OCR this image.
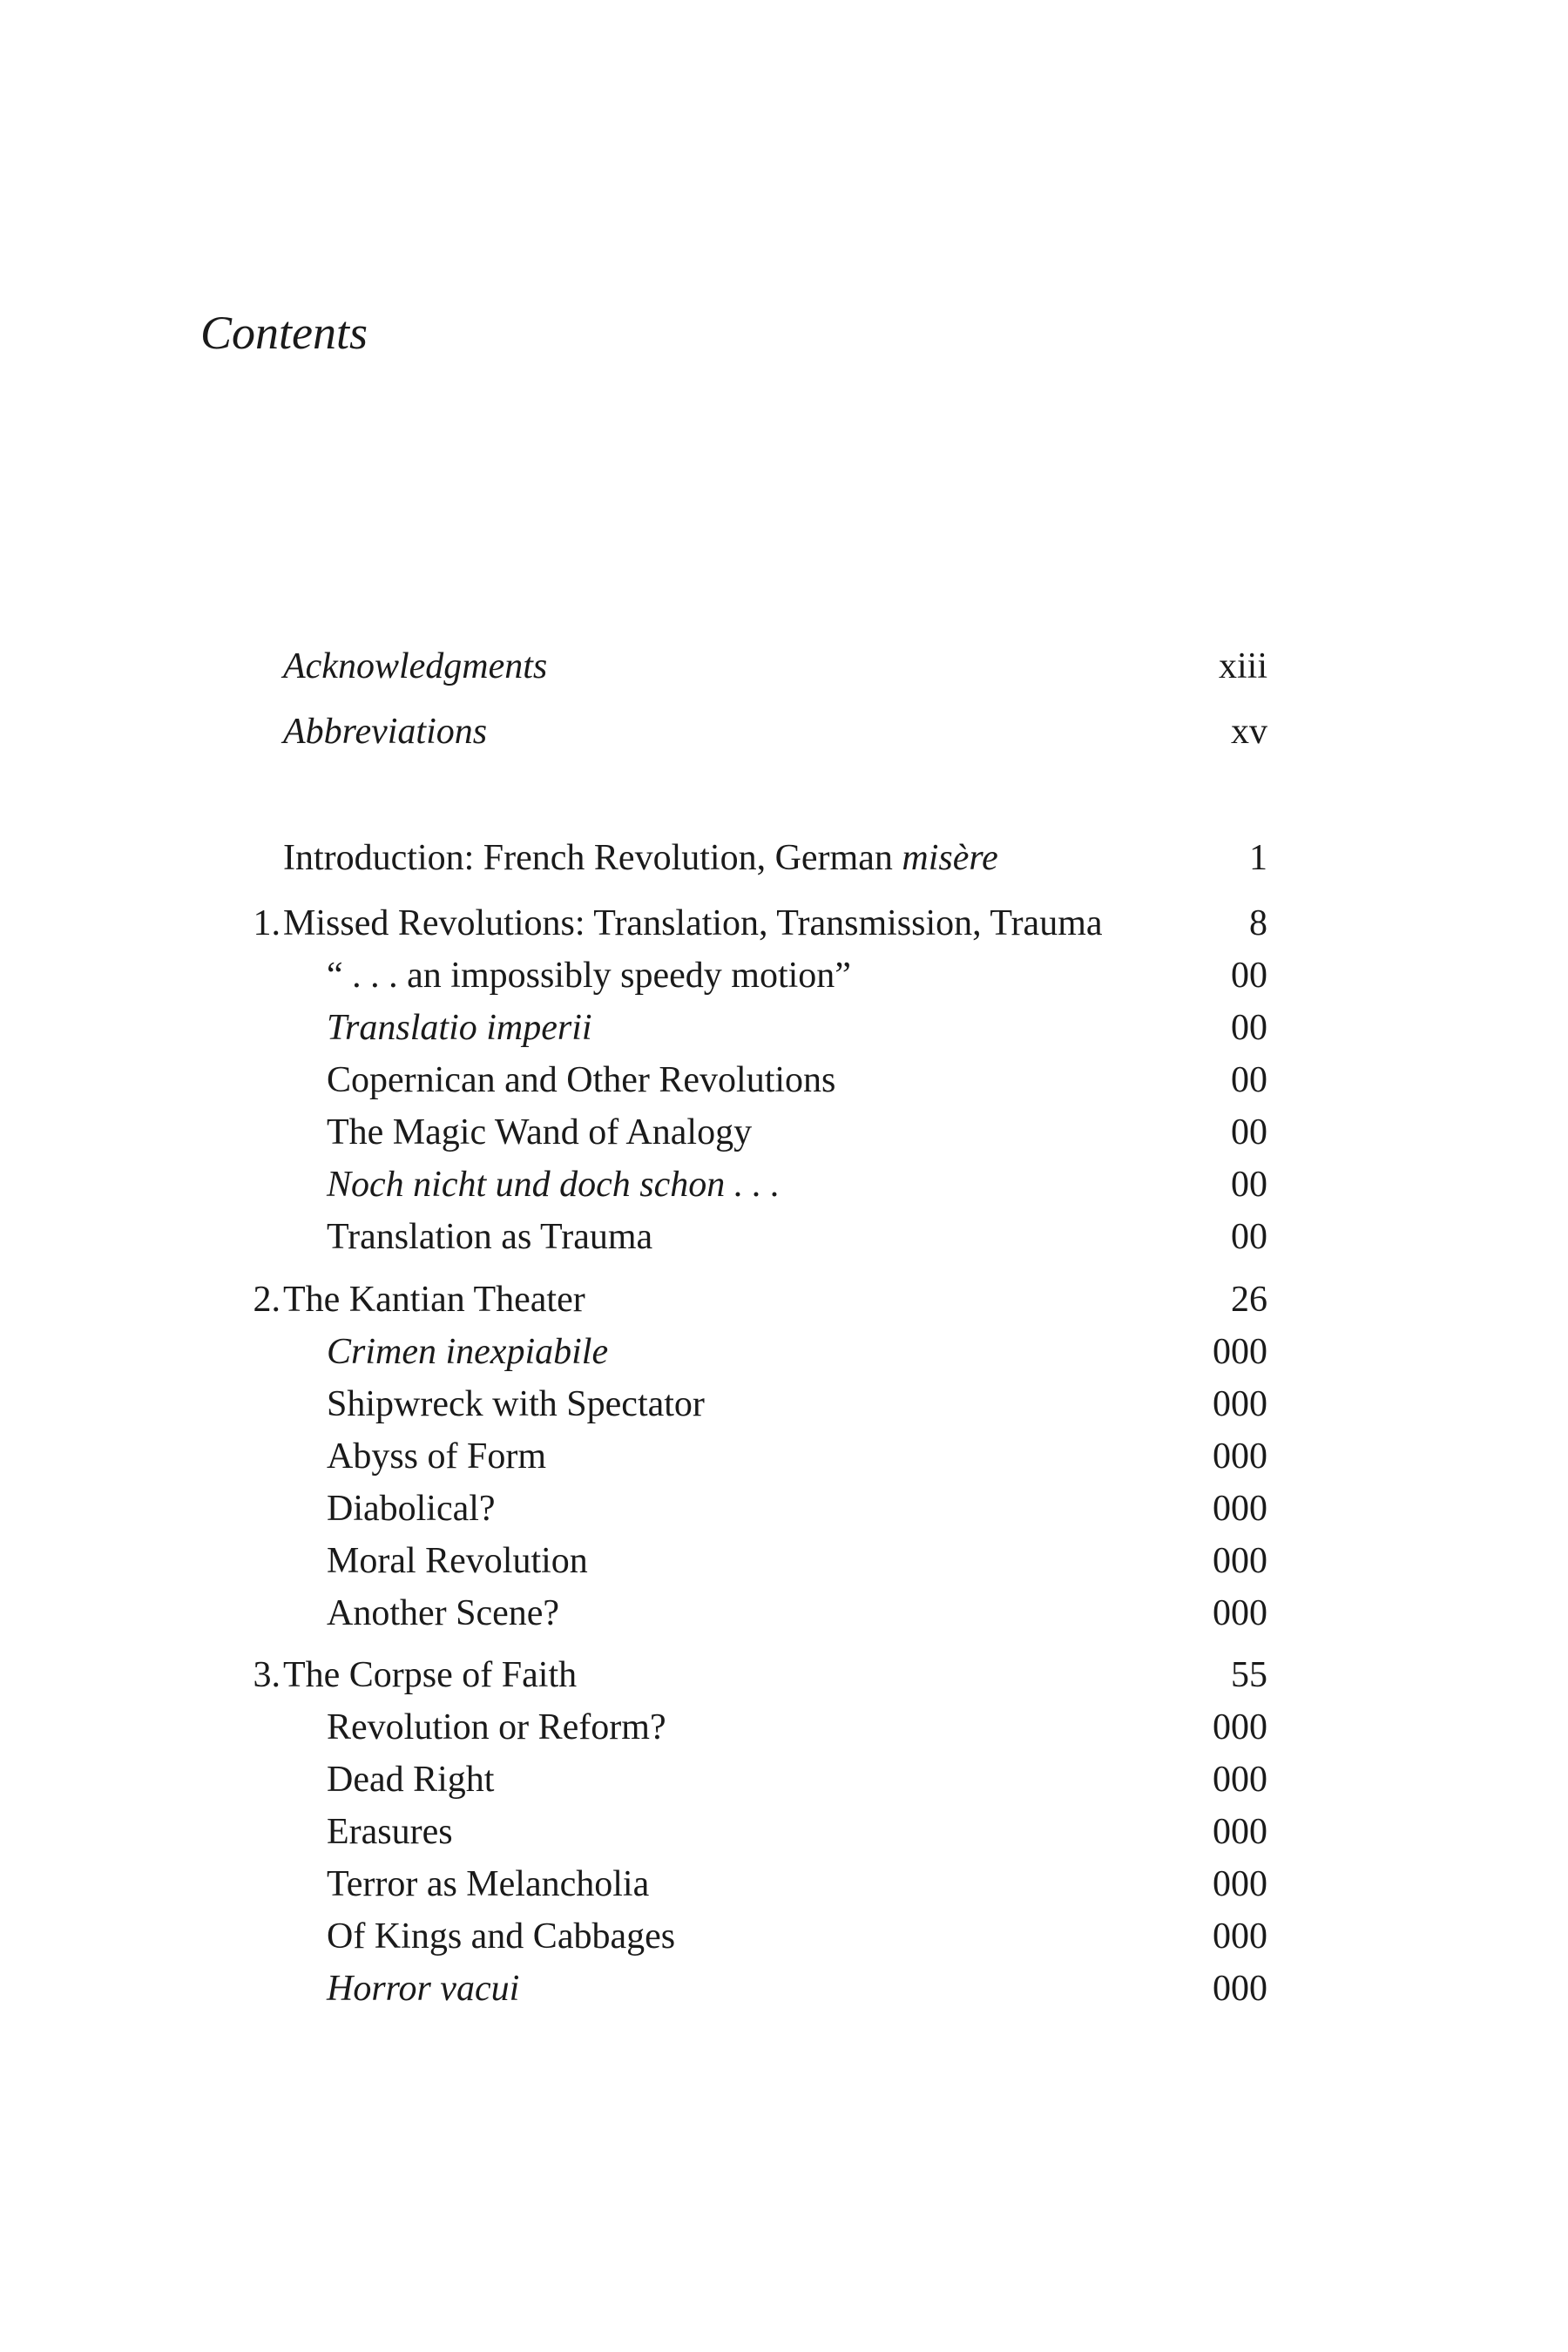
Contents
Acknowledgments	xiii
Abbreviations	xv
Introduction: French Revolution, German misère	1
1. Missed Revolutions: Translation, Transmission, Trauma	8
“ . . . an impossibly speedy motion”	00
Translatio imperii	00
Copernican and Other Revolutions	00
The Magic Wand of Analogy	00
Noch nicht und doch schon . . .	00
Translation as Trauma	00
2. The Kantian Theater	26
Crimen inexpiabile	000
Shipwreck with Spectator	000
Abyss of Form	000
Diabolical?	000
Moral Revolution	000
Another Scene?	000
3. The Corpse of Faith	55
Revolution or Reform?	000
Dead Right	000
Erasures	000
Terror as Melancholia	000
Of Kings and Cabbages	000
Horror vacui	000
